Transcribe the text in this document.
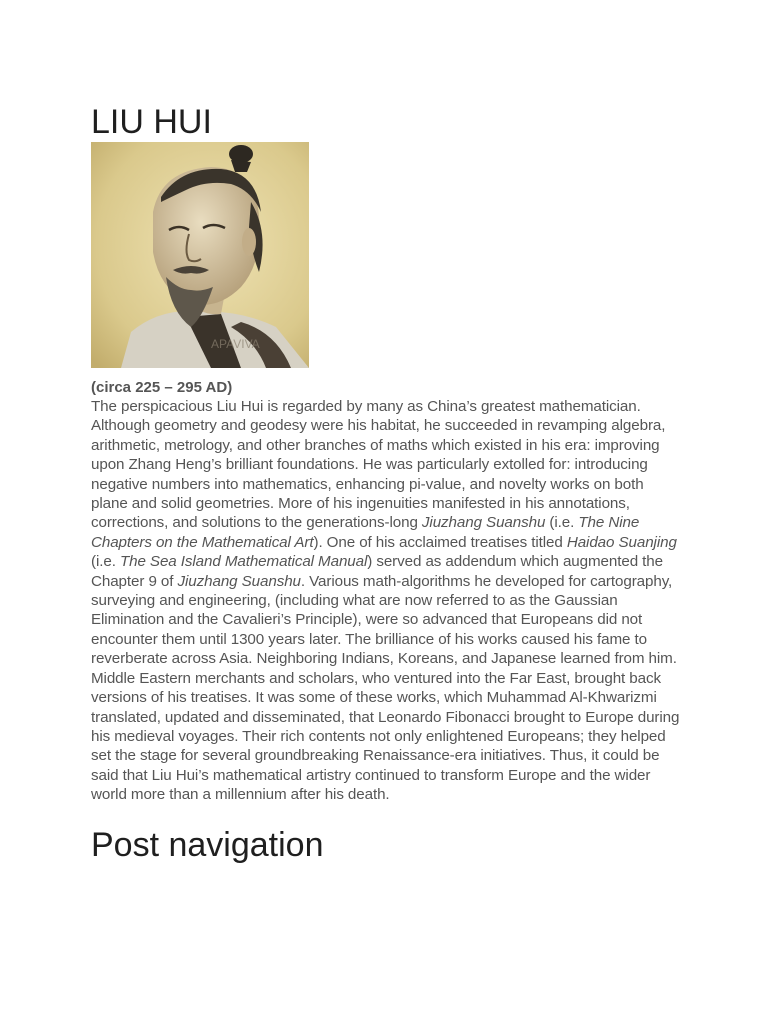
LIU HUI
APAVIVA
(circa 225 – 295 AD)

The perspicacious Liu Hui is regarded by many as China’s greatest mathematician. Although geometry and geodesy were his habitat, he succeeded in revamping algebra, arithmetic, metrology, and other branches of maths which existed in his era: improving upon Zhang Heng’s brilliant foundations. He was particularly extolled for: introducing negative numbers into mathematics, enhancing pi-value, and novelty works on both plane and solid geometries. More of his ingenuities manifested in his annotations, corrections, and solutions to the generations-long Jiuzhang Suanshu (i.e. The Nine Chapters on the Mathematical Art). One of his acclaimed treatises titled Haidao Suanjing (i.e. The Sea Island Mathematical Manual) served as addendum which augmented the Chapter 9 of Jiuzhang Suanshu. Various math-algorithms he developed for cartography, surveying and engineering, (including what are now referred to as the Gaussian Elimination and the Cavalieri’s Principle), were so advanced that Europeans did not encounter them until 1300 years later. The brilliance of his works caused his fame to reverberate across Asia. Neighboring Indians, Koreans, and Japanese learned from him. Middle Eastern merchants and scholars, who ventured into the Far East, brought back versions of his treatises. It was some of these works, which Muhammad Al-Khwarizmi translated, updated and disseminated, that Leonardo Fibonacci brought to Europe during his medieval voyages. Their rich contents not only enlightened Europeans; they helped set the stage for several groundbreaking Renaissance-era initiatives. Thus, it could be said that Liu Hui’s mathematical artistry continued to transform Europe and the wider world more than a millennium after his death.

Post navigation
